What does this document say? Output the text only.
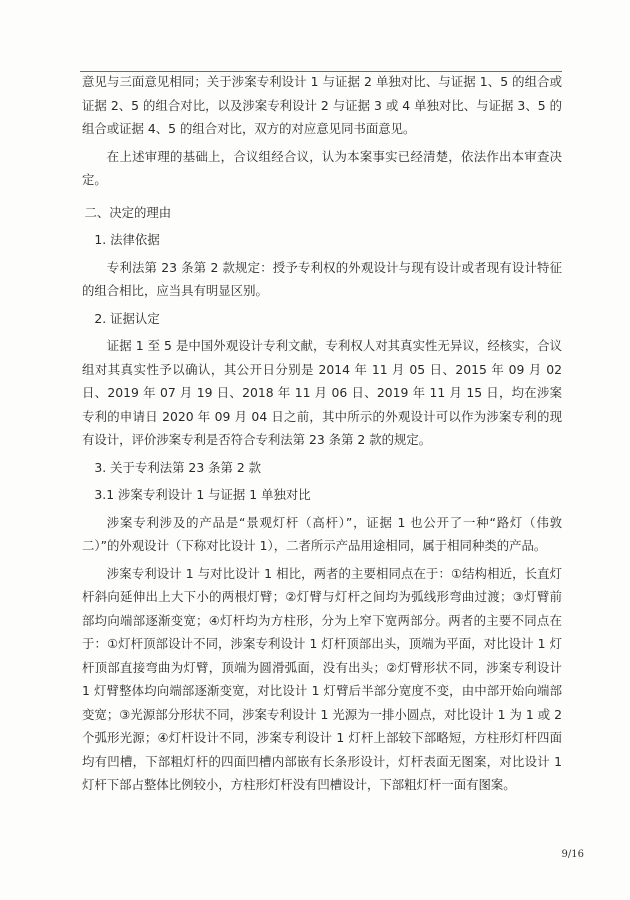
意见与三面意见相同；关于涉案专利设计 1 与证据 2 单独对比、与证据 1、5 的组合或证据 2、5 的组合对比，以及涉案专利设计 2 与证据 3 或 4 单独对比、与证据 3、5 的组合或证据 4、5 的组合对比，双方的对应意见同书面意见。

在上述审理的基础上，合议组经合议，认为本案事实已经清楚，依法作出本审查决定。

二、决定的理由

1. 法律依据

专利法第 23 条第 2 款规定：授予专利权的外观设计与现有设计或者现有设计特征的组合相比，应当具有明显区别。

2. 证据认定

证据 1 至 5 是中国外观设计专利文献，专利权人对其真实性无异议，经核实，合议组对其真实性予以确认，其公开日分别是 2014 年 11 月 05 日、2015 年 09 月 02 日、2019 年 07 月 19 日、2018 年 11 月 06 日、2019 年 11 月 15 日，均在涉案专利的申请日 2020 年 09 月 04 日之前，其中所示的外观设计可以作为涉案专利的现有设计，评价涉案专利是否符合专利法第 23 条第 2 款的规定。

3. 关于专利法第 23 条第 2 款

3.1 涉案专利设计 1 与证据 1 单独对比

涉案专利涉及的产品是“景观灯杆（高杆）”，证据 1 也公开了一种“路灯（伟敦二）”的外观设计（下称对比设计 1），二者所示产品用途相同，属于相同种类的产品。

涉案专利设计 1 与对比设计 1 相比，两者的主要相同点在于：①结构相近，长直灯杆斜向延伸出上大下小的两根灯臂；②灯臂与灯杆之间均为弧线形弯曲过渡；③灯臂前部均向端部逐渐变宽；④灯杆均为方柱形，分为上窄下宽两部分。两者的主要不同点在于：①灯杆顶部设计不同，涉案专利设计 1 灯杆顶部出头，顶端为平面，对比设计 1 灯杆顶部直接弯曲为灯臂，顶端为圆滑弧面，没有出头；②灯臂形状不同，涉案专利设计 1 灯臂整体均向端部逐渐变宽，对比设计 1 灯臂后半部分宽度不变，由中部开始向端部变宽；③光源部分形状不同，涉案专利设计 1 光源为一排小圆点，对比设计 1 为 1 或 2 个弧形光源；④灯杆设计不同，涉案专利设计 1 灯杆上部较下部略短，方柱形灯杆四面均有凹槽，下部粗灯杆的四面凹槽内部嵌有长条形设计，灯杆表面无图案，对比设计 1 灯杆下部占整体比例较小，方柱形灯杆没有凹槽设计，下部粗灯杆一面有图案。

9/16
